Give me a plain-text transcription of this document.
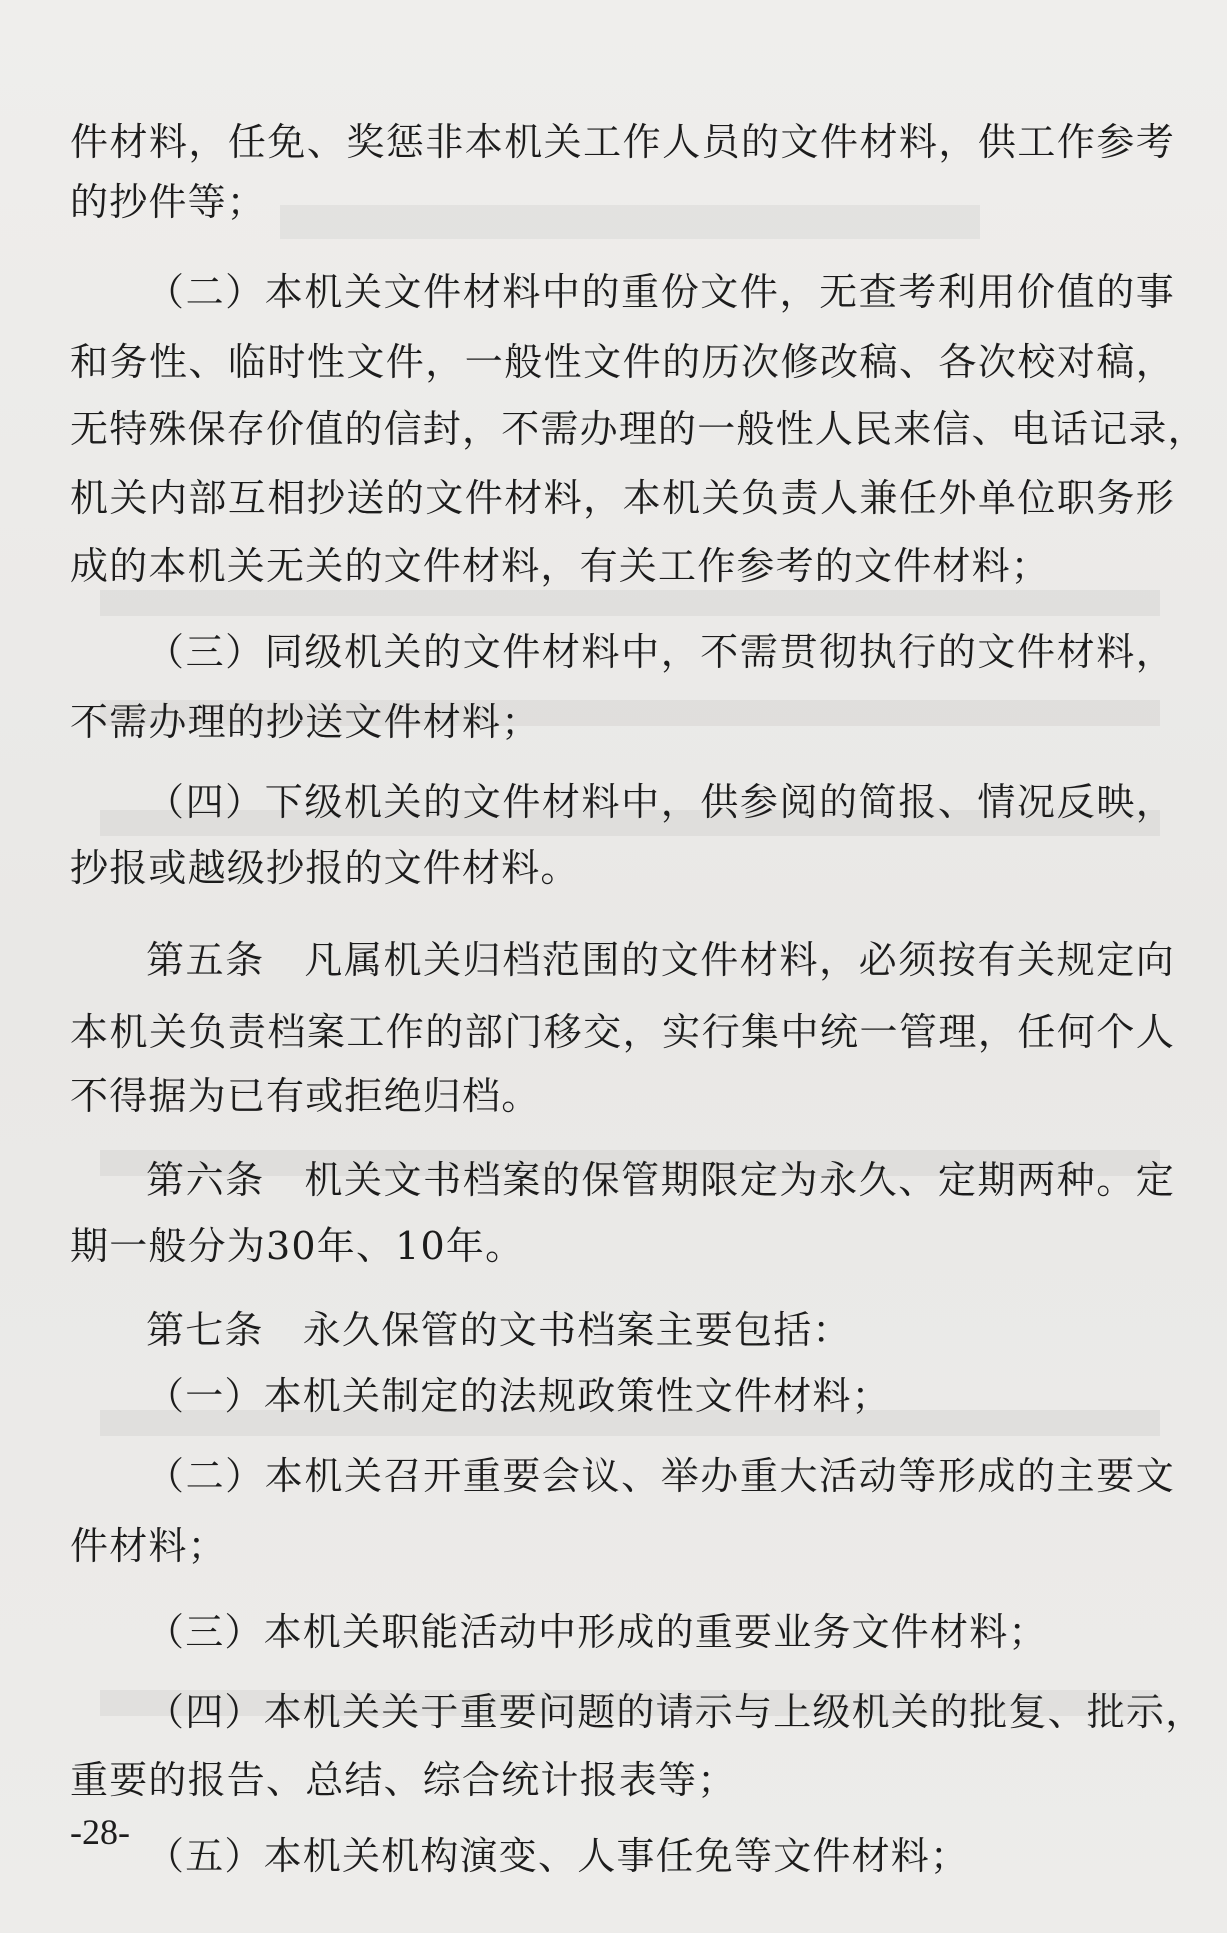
件材料，任免、奖惩非本机关工作人员的文件材料，供工作参考
的抄件等；
（二）本机关文件材料中的重份文件，无查考利用价值的事
和务性、临时性文件，一般性文件的历次修改稿、各次校对稿，
无特殊保存价值的信封，不需办理的一般性人民来信、电话记录，
机关内部互相抄送的文件材料，本机关负责人兼任外单位职务形
成的本机关无关的文件材料，有关工作参考的文件材料；
（三）同级机关的文件材料中，不需贯彻执行的文件材料，
不需办理的抄送文件材料；
（四）下级机关的文件材料中，供参阅的简报、情况反映，
抄报或越级抄报的文件材料。
第五条　凡属机关归档范围的文件材料，必须按有关规定向
本机关负责档案工作的部门移交，实行集中统一管理，任何个人
不得据为已有或拒绝归档。
第六条　机关文书档案的保管期限定为永久、定期两种。定
期一般分为30年、10年。
第七条　永久保管的文书档案主要包括：
（一）本机关制定的法规政策性文件材料；
（二）本机关召开重要会议、举办重大活动等形成的主要文
件材料；
（三）本机关职能活动中形成的重要业务文件材料；
（四）本机关关于重要问题的请示与上级机关的批复、批示，
重要的报告、总结、综合统计报表等；
（五）本机关机构演变、人事任免等文件材料；
-28-
